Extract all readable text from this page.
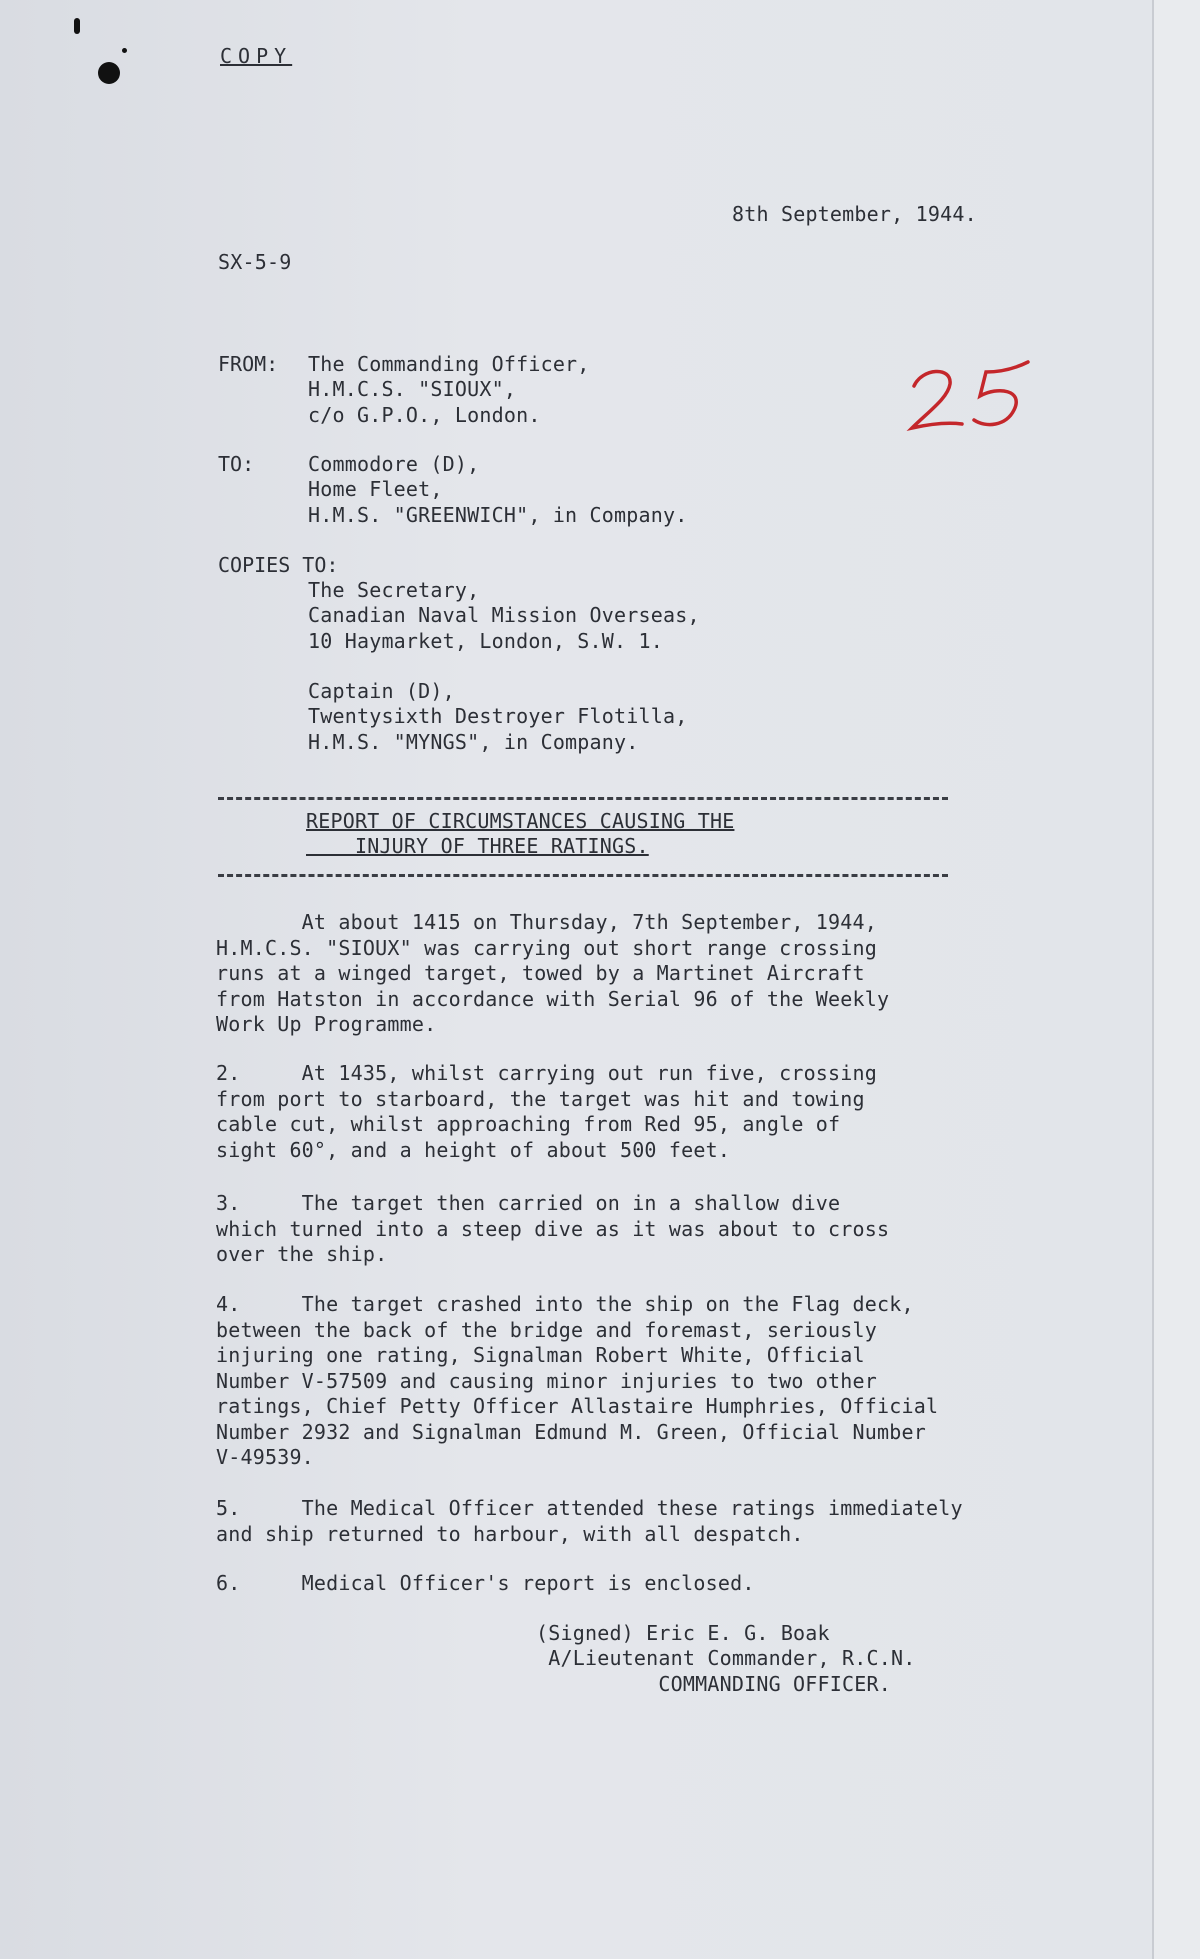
COPY
8th September, 1944.
SX-5-9
FROM: The Commanding Officer,
H.M.C.S. "SIOUX",
c/o G.P.O., London.
TO:	Commodore (D),
Home Fleet,
H.M.S. "GREENWICH", in Company.
COPIES TO:
The Secretary,
Canadian Naval Mission Overseas,
10 Haymarket, London, S.W. 1.
Captain (D),
Twentysixth Destroyer Flotilla,
H.M.S. "MYNGS", in Company.
REPORT OF CIRCUMSTANCES CAUSING THE
INJURY OF THREE RATINGS.
At about 1415 on Thursday, 7th September, 1944,
H.M.C.S. "SIOUX" was carrying out short range crossing
runs at a winged target, towed by a Martinet Aircraft
from Hatston in accordance with Serial 96 of the Weekly
Work Up Programme.
2.     At 1435, whilst carrying out run five, crossing
from port to starboard, the target was hit and towing
cable cut, whilst approaching from Red 95, angle of
sight 60°, and a height of about 500 feet.
3.     The target then carried on in a shallow dive
which turned into a steep dive as it was about to cross
over the ship.
4.     The target crashed into the ship on the Flag deck,
between the back of the bridge and foremast, seriously
injuring one rating, Signalman Robert White, Official
Number V-57509 and causing minor injuries to two other
ratings, Chief Petty Officer Allastaire Humphries, Official
Number 2932 and Signalman Edmund M. Green, Official Number
V-49539.
5.     The Medical Officer attended these ratings immediately
and ship returned to harbour, with all despatch.
6.     Medical Officer's report is enclosed.
(Signed) Eric E. G. Boak
A/Lieutenant Commander, R.C.N.
COMMANDING OFFICER.
